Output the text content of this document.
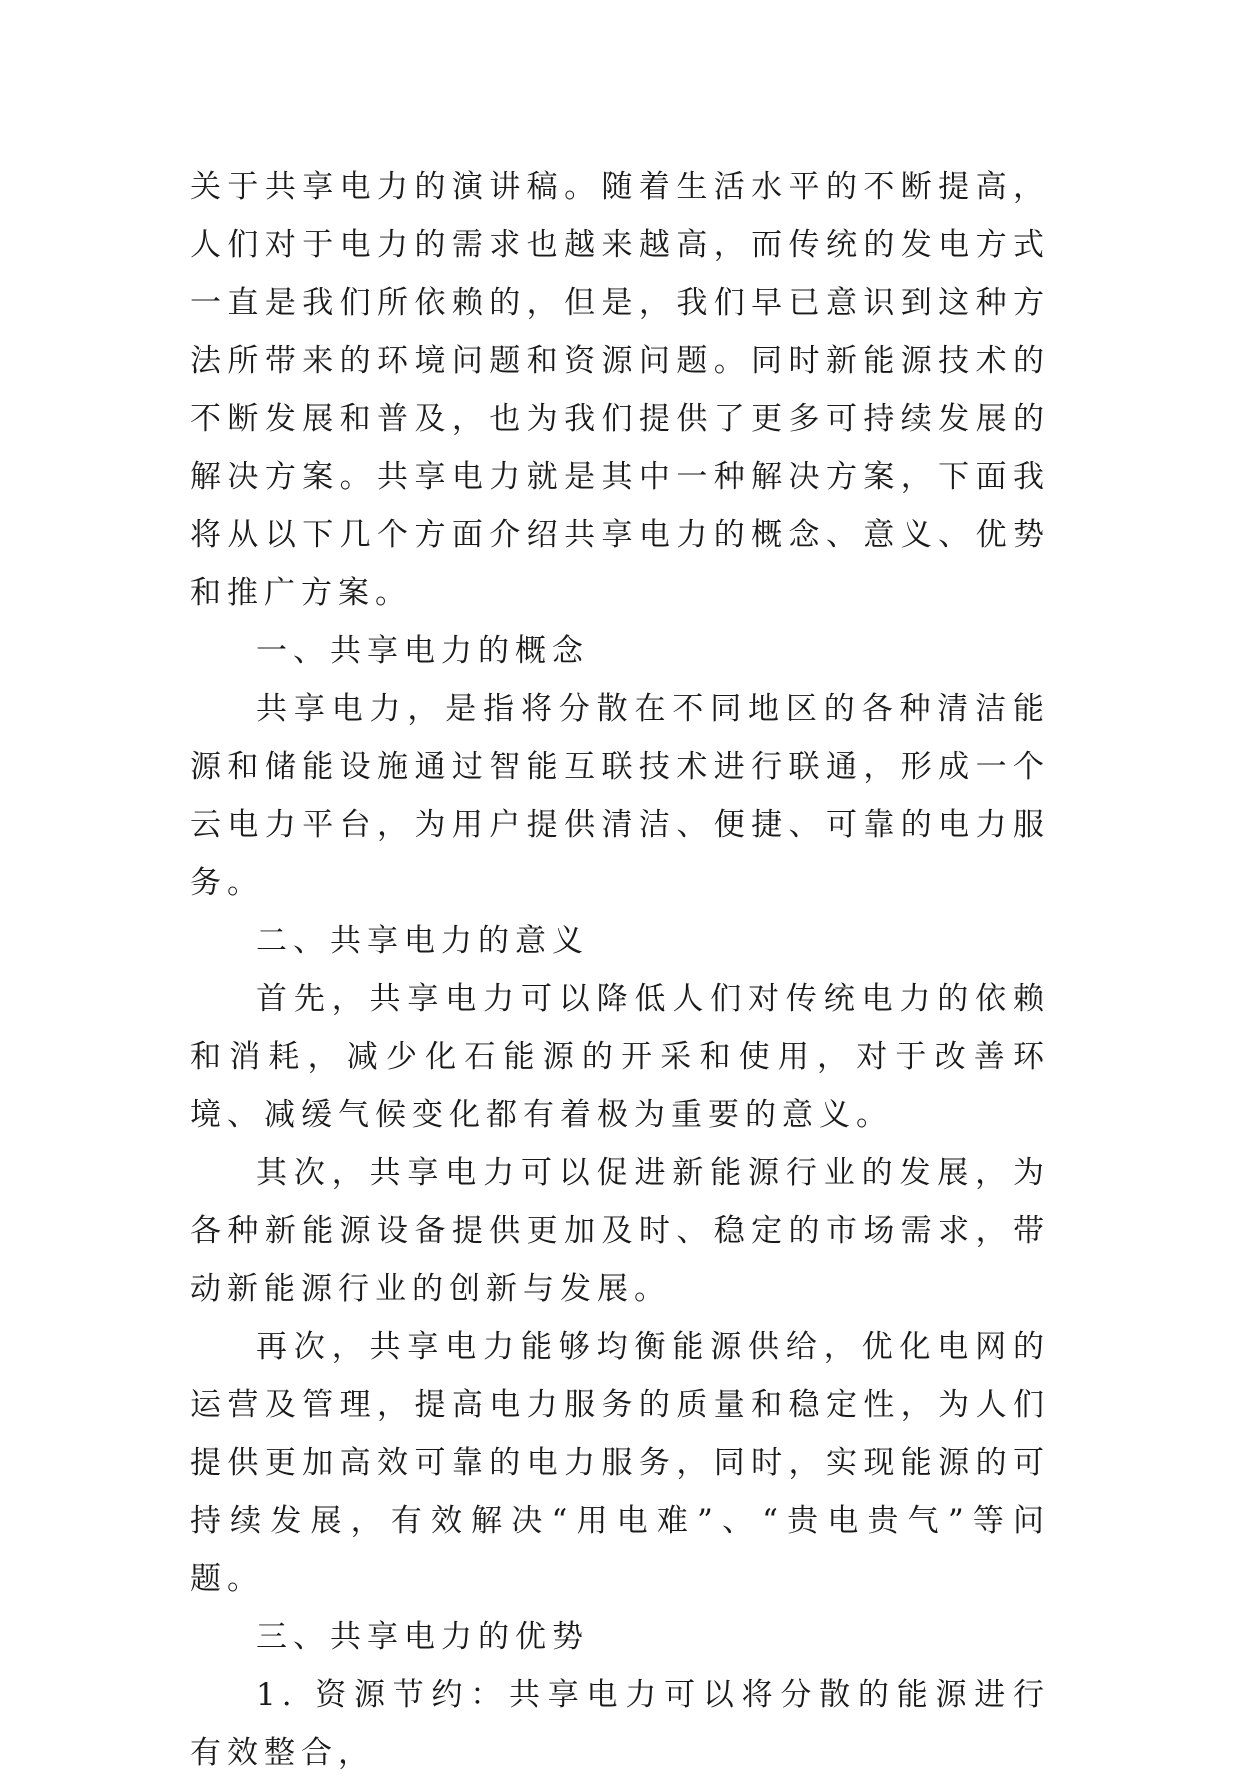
关于共享电力的演讲稿。随着生活水平的不断提高，人们对于电力的需求也越来越高，而传统的发电方式一直是我们所依赖的，但是，我们早已意识到这种方法所带来的环境问题和资源问题。同时新能源技术的不断发展和普及，也为我们提供了更多可持续发展的解决方案。共享电力就是其中一种解决方案，下面我将从以下几个方面介绍共享电力的概念、意义、优势和推广方案。

一、共享电力的概念

共享电力，是指将分散在不同地区的各种清洁能源和储能设施通过智能互联技术进行联通，形成一个云电力平台，为用户提供清洁、便捷、可靠的电力服务。

二、共享电力的意义

首先，共享电力可以降低人们对传统电力的依赖和消耗，减少化石能源的开采和使用，对于改善环境、减缓气候变化都有着极为重要的意义。

其次，共享电力可以促进新能源行业的发展，为各种新能源设备提供更加及时、稳定的市场需求，带动新能源行业的创新与发展。

再次，共享电力能够均衡能源供给，优化电网的运营及管理，提高电力服务的质量和稳定性，为人们提供更加高效可靠的电力服务，同时，实现能源的可持续发展，有效解决“用电难”、“贵电贵气”等问题。

三、共享电力的优势

1. 资源节约：共享电力可以将分散的能源进行有效整合，
